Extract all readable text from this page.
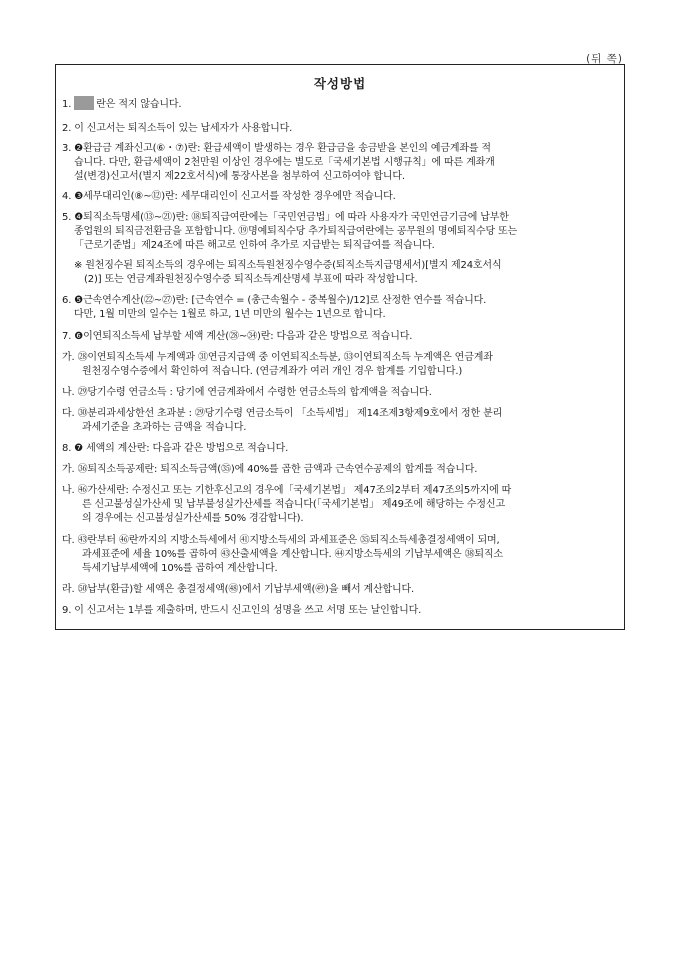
(뒤 쪽)
작성방법
1. 란은 적지 않습니다.
2. 이 신고서는 퇴직소득이 있는 납세자가 사용합니다.
3. ❷환급금 계좌신고(⑥・⑦)란: 환급세액이 발생하는 경우 환급금을 송금받을 본인의 예금계좌를 적
습니다. 다만, 환급세액이 2천만원 이상인 경우에는 별도로「국세기본법 시행규칙」에 따른 계좌개
설(변경)신고서(별지 제22호서식)에 통장사본을 첨부하여 신고하여야 합니다.
4. ❸세무대리인(⑧~⑫)란: 세무대리인이 신고서를 작성한 경우에만 적습니다.
5. ❹퇴직소득명세(⑬~㉑)란: ⑱퇴직급여란에는「국민연금법」에 따라 사용자가 국민연금기금에 납부한
종업원의 퇴직금전환금을 포함합니다. ⑲명예퇴직수당 추가퇴직급여란에는 공무원의 명예퇴직수당 또는
「근로기준법」제24조에 따른 해고로 인하여 추가로 지급받는 퇴직급여를 적습니다.
※ 원천징수된 퇴직소득의 경우에는 퇴직소득원천징수영수증(퇴직소득지급명세서)[별지 제24호서식
(2)] 또는 연금계좌원천징수영수증 퇴직소득계산명세 부표에 따라 작성합니다.
6. ❺근속연수계산(㉒~㉗)란: [근속연수 = (총근속월수 - 중복월수)/12]로 산정한 연수를 적습니다.
다만, 1월 미만의 일수는 1월로 하고, 1년 미만의 월수는 1년으로 합니다.
7. ❻이연퇴직소득세 납부할 세액 계산(㉘~㉞)란: 다음과 같은 방법으로 적습니다.
가. ㉘이연퇴직소득세 누계액과 ㉛연금지급액 중 이연퇴직소득분, ㉝이연퇴직소득 누계액은 연금계좌
원천징수영수증에서 확인하여 적습니다. (연금계좌가 여러 개인 경우 합계를 기입합니다.)
나. ㉙당기수령 연금소득 : 당기에 연금계좌에서 수령한 연금소득의 합계액을 적습니다.
다. ㉚분리과세상한선 초과분 : ㉙당기수령 연금소득이 「소득세법」 제14조제3항제9호에서 정한 분리
과세기준을 초과하는 금액을 적습니다.
8. ❼ 세액의 계산란: 다음과 같은 방법으로 적습니다.
가. ㊱퇴직소득공제란: 퇴직소득금액(㉟)에 40%를 곱한 금액과 근속연수공제의 합계를 적습니다.
나. ㊻가산세란: 수정신고 또는 기한후신고의 경우에「국세기본법」 제47조의2부터 제47조의5까지에 따
른 신고불성실가산세 및 납부불성실가산세를 적습니다(「국세기본법」 제49조에 해당하는 수정신고
의 경우에는 신고불성실가산세를 50% 경감합니다).
다. ㊸란부터 ㊻란까지의 지방소득세에서 ㊶지방소득세의 과세표준은 ㉟퇴직소득세총결정세액이 되며,
과세표준에 세율 10%를 곱하여 ㊸산출세액을 계산합니다. ㊹지방소득세의 기납부세액은 ㊳퇴직소
득세기납부세액에 10%를 곱하여 계산합니다.
라. ㊿납부(환급)할 세액은 총결정세액(㊽)에서 기납부세액(㊾)을 빼서 계산합니다.
9. 이 신고서는 1부를 제출하며, 반드시 신고인의 성명을 쓰고 서명 또는 날인합니다.
